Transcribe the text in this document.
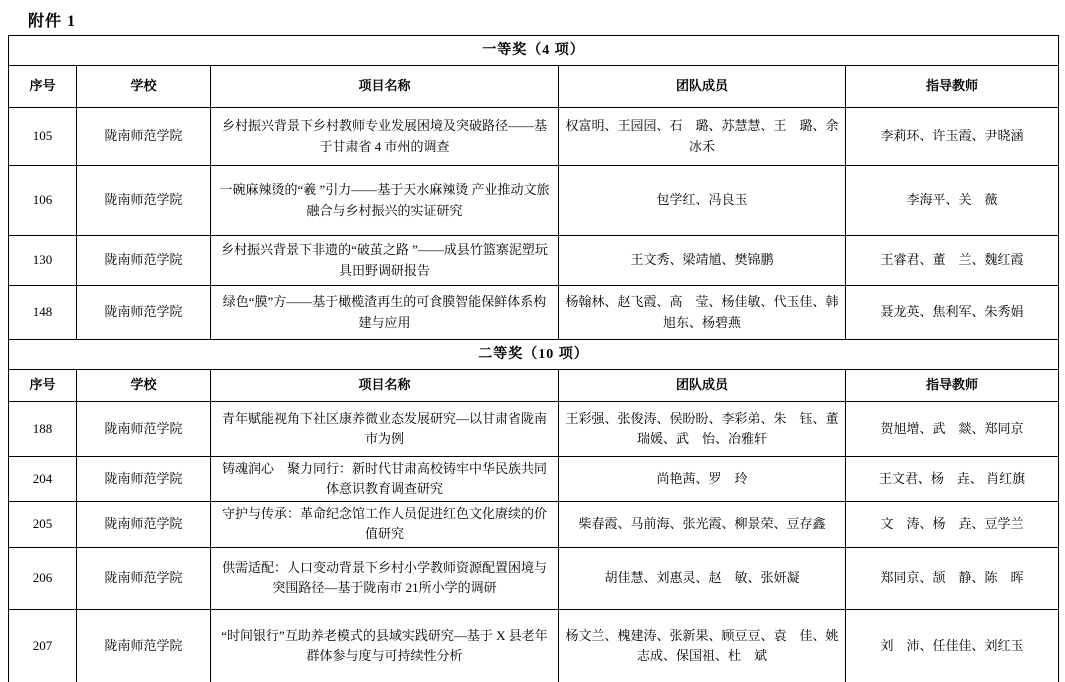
附件 1
一等奖（4 项）				
序号	学校	项目名称	团队成员	指导教师
105	陇南师范学院	乡村振兴背景下乡村教师专业发展困境及突破路径——基于甘肃省 4 市州的调查	权富明、王园园、石　璐、苏慧慧、王　璐、余冰禾	李莉环、许玉霞、尹晓涵
106	陇南师范学院	一碗麻辣烫的“羲 ”引力——基于天水麻辣烫 产业推动文旅融合与乡村振兴的实证研究	包学红、冯良玉	李海平、关　薇
130	陇南师范学院	乡村振兴背景下非遗的“破茧之路 ”——成县竹篮寨泥塑玩具田野调研报告	王文秀、梁靖馗、樊锦鹏	王睿君、董　兰、魏红霞
148	陇南师范学院	绿色“膜”方——基于橄榄渣再生的可食膜智能保鲜体系构建与应用	杨翰林、赵飞霞、高　莹、杨佳敏、代玉佳、韩旭东、杨碧燕	聂龙英、焦利军、朱秀娟
二等奖（10 项）				
序号	学校	项目名称	团队成员	指导教师
188	陇南师范学院	青年赋能视角下社区康养微业态发展研究—以甘肃省陇南市为例	王彩强、张俊涛、侯盼盼、李彩弟、朱　钰、董瑞媛、武　怡、冶雅轩	贺旭增、武　燚、郑同京
204	陇南师范学院	铸魂润心　聚力同行：新时代甘肃高校铸牢中华民族共同体意识教育调查研究	尚艳茜、罗　玲	王文君、杨　垚、 肖红旗
205	陇南师范学院	守护与传承：革命纪念馆工作人员促进红色文化赓续的价值研究	柴春霞、马前海、张光霞、柳景荣、豆存鑫	文　涛、杨　垚、豆学兰
206	陇南师范学院	供需适配：人口变动背景下乡村小学教师资源配置困境与突围路径—基于陇南市 21所小学的调研	胡佳慧、刘惠灵、赵　敏、张妍凝	郑同京、颉　静、陈　晖
207	陇南师范学院	“时间银行”互助养老模式的县域实践研究—基于 X 县老年群体参与度与可持续性分析	杨文兰、槐建涛、张新果、顾豆豆、袁　佳、姚志成、保国祖、杜　斌	刘　沛、任佳佳、刘红玉
